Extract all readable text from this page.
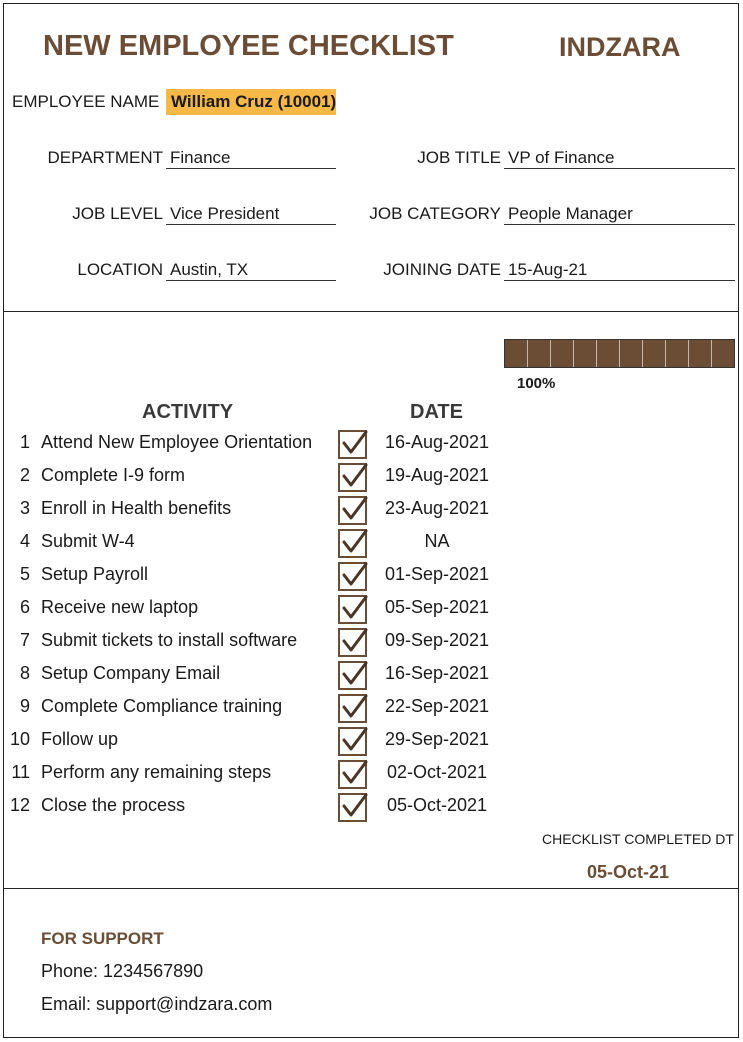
NEW EMPLOYEE CHECKLIST	INDZARA
EMPLOYEE NAME William Cruz (10001)
DEPARTMENT Finance	JOB TITLE VP of Finance
JOB LEVEL Vice President	JOB CATEGORY People Manager
LOCATION Austin, TX	JOINING DATE 15-Aug-21
100%
ACTIVITY	DATE
1 Attend New Employee Orientation	16-Aug-2021
2 Complete I-9 form	19-Aug-2021
3 Enroll in Health benefits	23-Aug-2021
4 Submit W-4	NA
5 Setup Payroll	01-Sep-2021
6 Receive new laptop	05-Sep-2021
7 Submit tickets to install software	09-Sep-2021
8 Setup Company Email	16-Sep-2021
9 Complete Compliance training	22-Sep-2021
10 Follow up	29-Sep-2021
11 Perform any remaining steps	02-Oct-2021
12 Close the process	05-Oct-2021
CHECKLIST COMPLETED DT
05-Oct-21
FOR SUPPORT
Phone: 1234567890
Email: support@indzara.com
